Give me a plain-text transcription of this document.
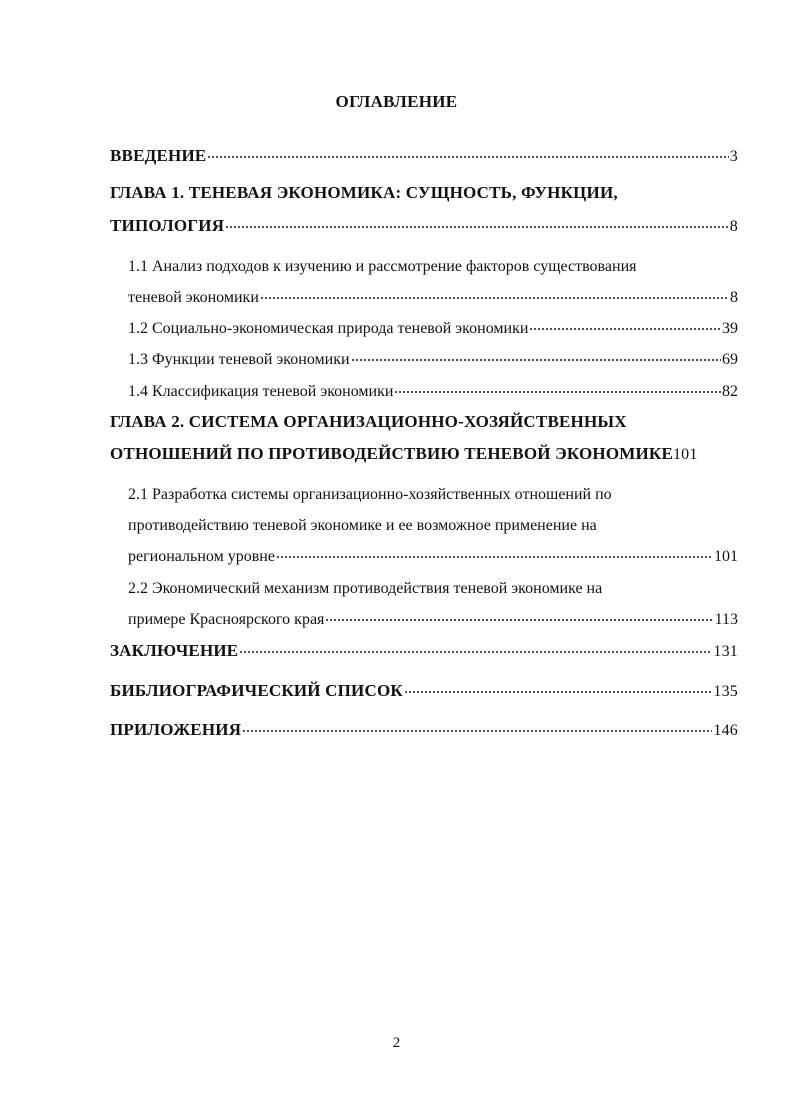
ОГЛАВЛЕНИЕ
ВВЕДЕНИЕ	3
ГЛАВА 1. ТЕНЕВАЯ ЭКОНОМИКА: СУЩНОСТЬ, ФУНКЦИИ,
ТИПОЛОГИЯ	8
1.1 Анализ подходов к изучению и рассмотрение факторов существования
теневой экономики	8
1.2 Социально-экономическая природа теневой экономики	39
1.3 Функции теневой экономики	69
1.4 Классификация теневой экономики	82
ГЛАВА 2. СИСТЕМА ОРГАНИЗАЦИОННО-ХОЗЯЙСТВЕННЫХ
ОТНОШЕНИЙ ПО ПРОТИВОДЕЙСТВИЮ ТЕНЕВОЙ ЭКОНОМИКЕ 101
2.1 Разработка системы организационно-хозяйственных отношений по
противодействию теневой экономике и ее возможное применение на
региональном уровне	101
2.2 Экономический механизм противодействия теневой экономике на
примере Красноярского края	113
ЗАКЛЮЧЕНИЕ	131
БИБЛИОГРАФИЧЕСКИЙ СПИСОК	135
ПРИЛОЖЕНИЯ	146
2
